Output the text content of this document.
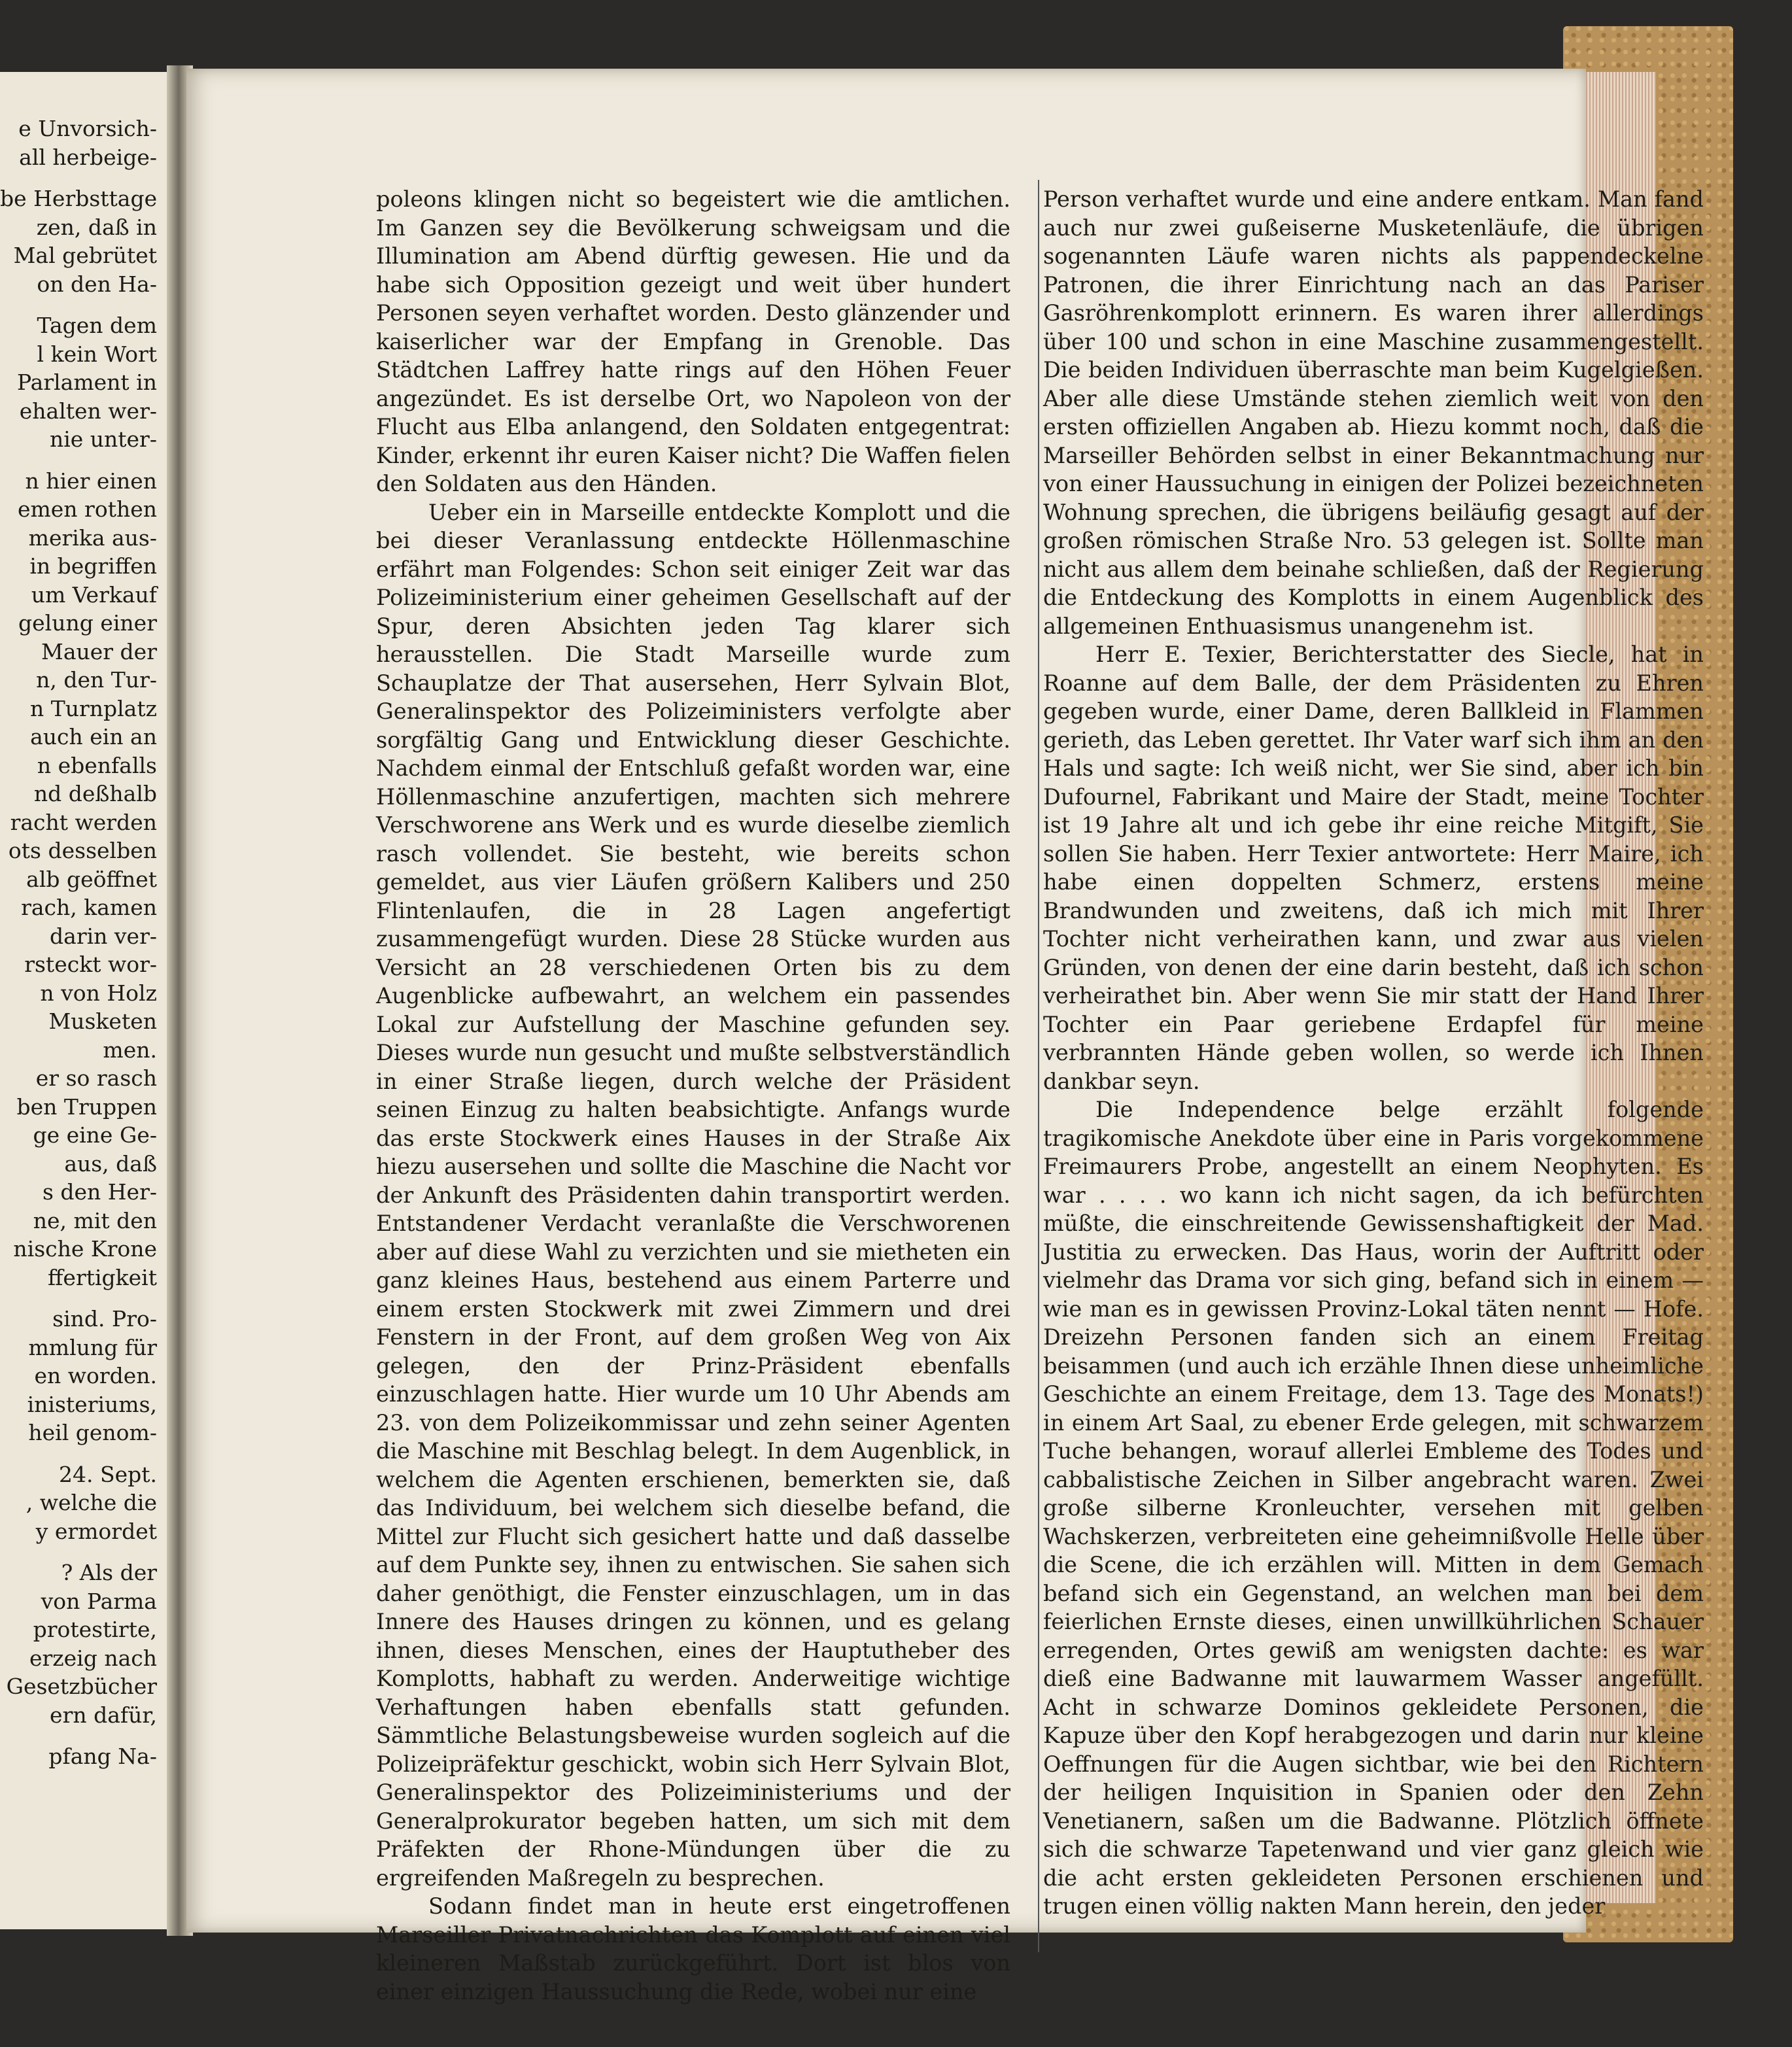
poleons klingen nicht so begeistert wie die amtlichen. Im Ganzen sey die Bevölkerung schweigsam und die Illumination am Abend dürftig gewesen. Hie und da habe sich Opposition gezeigt und weit über hundert Personen seyen verhaftet worden. Desto glänzender und kaiserlicher war der Empfang in Grenoble. Das Städtchen Laffrey hatte rings auf den Höhen Feuer angezündet. Es ist derselbe Ort, wo Napoleon von der Flucht aus Elba anlangend, den Soldaten entgegentrat: Kinder, erkennt ihr euren Kaiser nicht? Die Waffen fielen den Soldaten aus den Händen.

Ueber ein in Marseille entdeckte Komplott und die bei dieser Veranlassung entdeckte Höllenmaschine erfährt man Folgendes: Schon seit einiger Zeit war das Polizeiministerium einer geheimen Gesellschaft auf der Spur, deren Absichten jeden Tag klarer sich herausstellen. Die Stadt Marseille wurde zum Schauplatze der That ausersehen, Herr Sylvain Blot, Generalinspektor des Polizeiministers verfolgte aber sorgfältig Gang und Entwicklung dieser Geschichte. Nachdem einmal der Entschluß gefaßt worden war, eine Höllenmaschine anzufertigen, machten sich mehrere Verschworene ans Werk und es wurde dieselbe ziemlich rasch vollendet. Sie besteht, wie bereits schon gemeldet, aus vier Läufen größern Kalibers und 250 Flintenlaufen, die in 28 Lagen angefertigt zusammengefügt wurden. Diese 28 Stücke wurden aus Versicht an 28 verschiedenen Orten bis zu dem Augenblicke aufbewahrt, an welchem ein passendes Lokal zur Aufstellung der Maschine gefunden sey. Dieses wurde nun gesucht und mußte selbstverständlich in einer Straße liegen, durch welche der Präsident seinen Einzug zu halten beabsichtigte. Anfangs wurde das erste Stockwerk eines Hauses in der Straße Aix hiezu ausersehen und sollte die Maschine die Nacht vor der Ankunft des Präsidenten dahin transportirt werden. Entstandener Verdacht veranlaßte die Verschworenen aber auf diese Wahl zu verzichten und sie mietheten ein ganz kleines Haus, bestehend aus einem Parterre und einem ersten Stockwerk mit zwei Zimmern und drei Fenstern in der Front, auf dem großen Weg von Aix gelegen, den der Prinz-Präsident ebenfalls einzuschlagen hatte. Hier wurde um 10 Uhr Abends am 23. von dem Polizeikommissar und zehn seiner Agenten die Maschine mit Beschlag belegt. In dem Augenblick, in welchem die Agenten erschienen, bemerkten sie, daß das Individuum, bei welchem sich dieselbe befand, die Mittel zur Flucht sich gesichert hatte und daß dasselbe auf dem Punkte sey, ihnen zu entwischen. Sie sahen sich daher genöthigt, die Fenster einzuschlagen, um in das Innere des Hauses dringen zu können, und es gelang ihnen, dieses Menschen, eines der Hauptutheber des Komplotts, habhaft zu werden. Anderweitige wichtige Verhaftungen haben ebenfalls statt gefunden. Sämmtliche Belastungsbeweise wurden sogleich auf die Polizeipräfektur geschickt, wobin sich Herr Sylvain Blot, Generalinspektor des Polizeiministeriums und der Generalprokurator begeben hatten, um sich mit dem Präfekten der Rhone-Mündungen über die zu ergreifenden Maßregeln zu besprechen.

Sodann findet man in heute erst eingetroffenen Marseiller Privatnachrichten das Komplott auf einen viel kleineren Maßstab zurückgeführt. Dort ist blos von einer einzigen Haussuchung die Rede, wobei nur eine

Person verhaftet wurde und eine andere entkam. Man fand auch nur zwei gußeiserne Musketenläufe, die übrigen sogenannten Läufe waren nichts als pappendeckelne Patronen, die ihrer Einrichtung nach an das Pariser Gasröhrenkomplott erinnern. Es waren ihrer allerdings über 100 und schon in eine Maschine zusammengestellt. Die beiden Individuen überraschte man beim Kugelgießen. Aber alle diese Umstände stehen ziemlich weit von den ersten offiziellen Angaben ab. Hiezu kommt noch, daß die Marseiller Behörden selbst in einer Bekanntmachung nur von einer Haussuchung in einigen der Polizei bezeichneten Wohnung sprechen, die übrigens beiläufig gesagt auf der großen römischen Straße Nro. 53 gelegen ist. Sollte man nicht aus allem dem beinahe schließen, daß der Regierung die Entdeckung des Komplotts in einem Augenblick des allgemeinen Enthuasismus unangenehm ist.

Herr E. Texier, Berichterstatter des Siecle, hat in Roanne auf dem Balle, der dem Präsidenten zu Ehren gegeben wurde, einer Dame, deren Ballkleid in Flammen gerieth, das Leben gerettet. Ihr Vater warf sich ihm an den Hals und sagte: Ich weiß nicht, wer Sie sind, aber ich bin Dufournel, Fabrikant und Maire der Stadt, meine Tochter ist 19 Jahre alt und ich gebe ihr eine reiche Mitgift, Sie sollen Sie haben. Herr Texier antwortete: Herr Maire, ich habe einen doppelten Schmerz, erstens meine Brandwunden und zweitens, daß ich mich mit Ihrer Tochter nicht verheirathen kann, und zwar aus vielen Gründen, von denen der eine darin besteht, daß ich schon verheirathet bin. Aber wenn Sie mir statt der Hand Ihrer Tochter ein Paar geriebene Erdapfel für meine verbrannten Hände geben wollen, so werde ich Ihnen dankbar seyn.

Die Independence belge erzählt folgende tragikomische Anekdote über eine in Paris vorgekommene Freimaurers Probe, angestellt an einem Neophyten. Es war . . . . wo kann ich nicht sagen, da ich befürchten müßte, die einschreitende Gewissenshaftigkeit der Mad. Justitia zu erwecken. Das Haus, worin der Auftritt oder vielmehr das Drama vor sich ging, befand sich in einem — wie man es in gewissen Provinz-Lokal täten nennt — Hofe. Dreizehn Personen fanden sich an einem Freitag beisammen (und auch ich erzähle Ihnen diese unheimliche Geschichte an einem Freitage, dem 13. Tage des Monats!) in einem Art Saal, zu ebener Erde gelegen, mit schwarzem Tuche behangen, worauf allerlei Embleme des Todes und cabbalistische Zeichen in Silber angebracht waren. Zwei große silberne Kronleuchter, versehen mit gelben Wachskerzen, verbreiteten eine geheimnißvolle Helle über die Scene, die ich erzählen will. Mitten in dem Gemach befand sich ein Gegenstand, an welchen man bei dem feierlichen Ernste dieses, einen unwillkührlichen Schauer erregenden, Ortes gewiß am wenigsten dachte: es war dieß eine Badwanne mit lauwarmem Wasser angefüllt. Acht in schwarze Dominos gekleidete Personen, die Kapuze über den Kopf herabgezogen und darin nur kleine Oeffnungen für die Augen sichtbar, wie bei den Richtern der heiligen Inquisition in Spanien oder den Zehn Venetianern, saßen um die Badwanne. Plötzlich öffnete sich die schwarze Tapetenwand und vier ganz gleich wie die acht ersten gekleideten Personen erschienen und trugen einen völlig nakten Mann herein, den jeder

e Unvorsich-
all herbeige-
be Herbsttage
zen, daß in
Mal gebrütet
on den Ha-
Tagen dem
l kein Wort
Parlament in
ehalten wer-
nie unter-
n hier einen
emen rothen
merika aus-
in begriffen
um Verkauf
gelung einer
Mauer der
n, den Tur-
n Turnplatz
auch ein an
n ebenfalls
nd deßhalb
racht werden
ots desselben
alb geöffnet
rach, kamen
darin ver-
rsteckt wor-
n von Holz
Musketen
men.
er so rasch
ben Truppen
ge eine Ge-
aus, daß
s den Her-
ne, mit den
nische Krone
ffertigkeit
sind. Pro-
mmlung für
en worden.
inisteriums,
heil genom-
24. Sept.
, welche die
y ermordet
? Als der
von Parma
protestirte,
erzeig nach
Gesetzbücher
ern dafür,
pfang Na-
